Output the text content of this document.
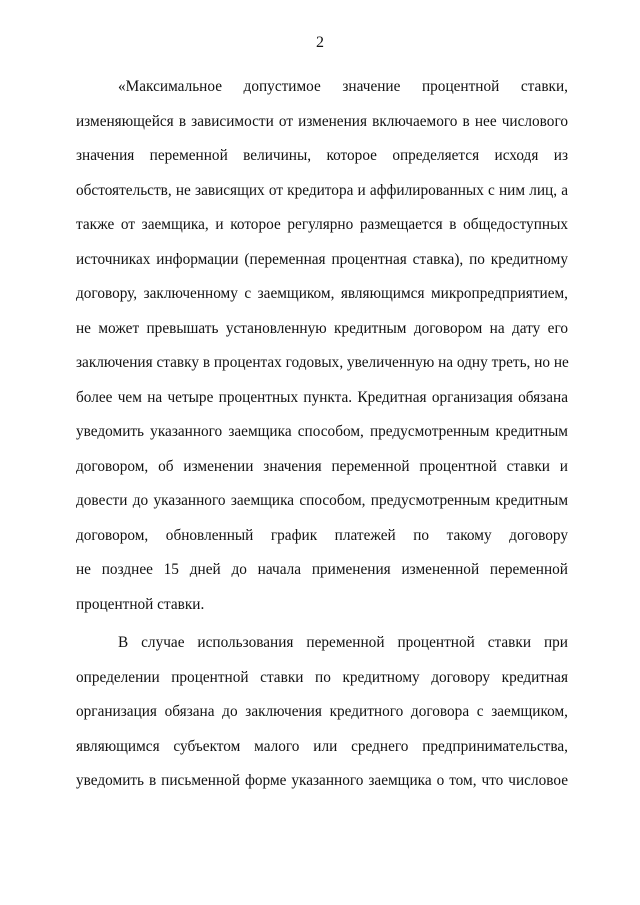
2
«Максимальное допустимое значение процентной ставки,
изменяющейся в зависимости от изменения включаемого в нее числового
значения переменной величины, которое определяется исходя из
обстоятельств, не зависящих от кредитора и аффилированных с ним лиц, а
также от заемщика, и которое регулярно размещается в общедоступных
источниках информации (переменная процентная ставка), по кредитному
договору, заключенному с заемщиком, являющимся микропредприятием,
не может превышать установленную кредитным договором на дату его
заключения ставку в процентах годовых, увеличенную на одну треть, но не
более чем на четыре процентных пункта. Кредитная организация обязана
уведомить указанного заемщика способом, предусмотренным кредитным
договором, об изменении значения переменной процентной ставки и
довести до указанного заемщика способом, предусмотренным кредитным
договором, обновленный график платежей по такому договору
не позднее 15 дней до начала применения измененной переменной
процентной ставки.
В случае использования переменной процентной ставки при
определении процентной ставки по кредитному договору кредитная
организация обязана до заключения кредитного договора с заемщиком,
являющимся субъектом малого или среднего предпринимательства,
уведомить в письменной форме указанного заемщика о том, что числовое
